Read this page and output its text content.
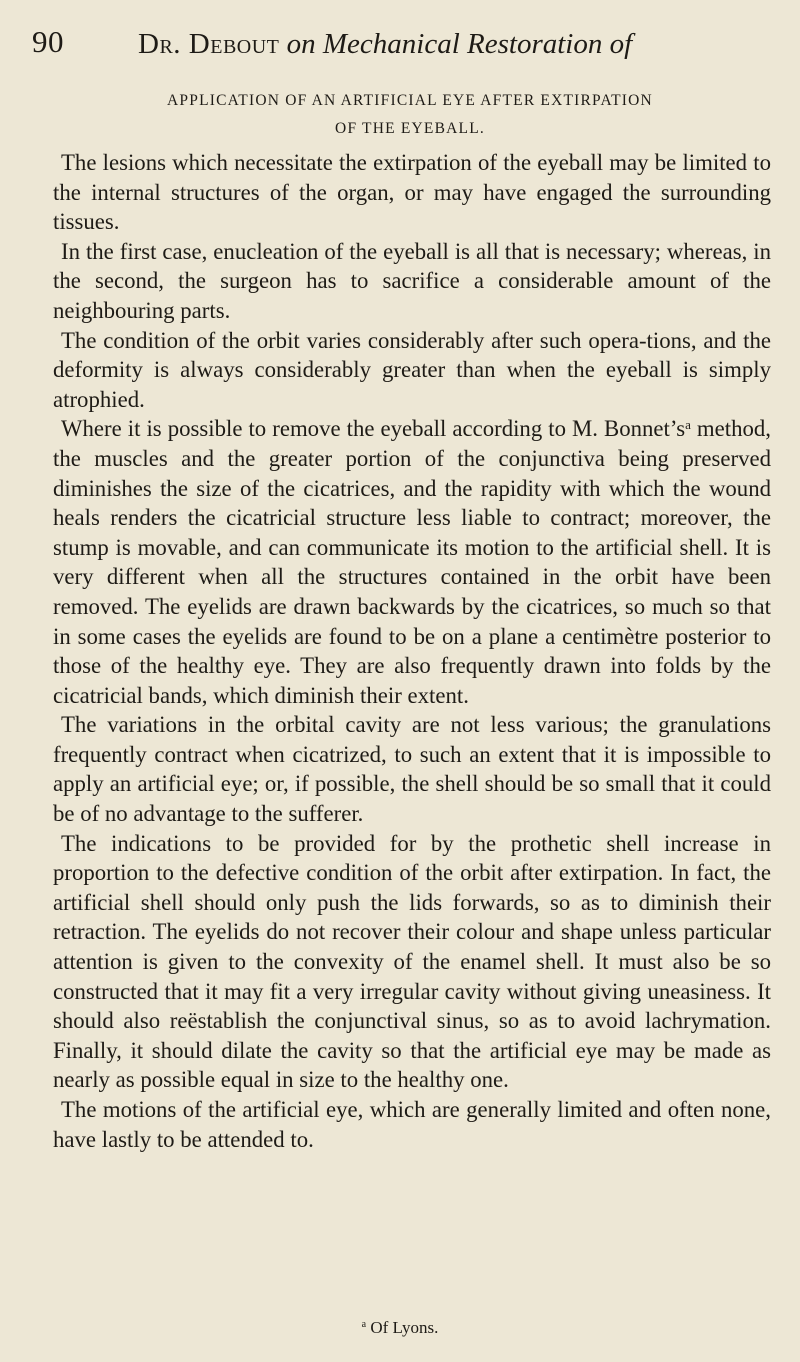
90	Dr. Debout on Mechanical Restoration of
APPLICATION OF AN ARTIFICIAL EYE AFTER EXTIRPATION
OF THE EYEBALL.

The lesions which necessitate the extirpation of the eyeball may be limited to the internal structures of the organ, or may have engaged the surrounding tissues.

In the first case, enucleation of the eyeball is all that is necessary; whereas, in the second, the surgeon has to sacrifice a considerable amount of the neighbouring parts.

The condition of the orbit varies considerably after such opera-tions, and the deformity is always considerably greater than when the eyeball is simply atrophied.

Where it is possible to remove the eyeball according to M. $Bonnet’s^a$ method, the muscles and the greater portion of the conjunctiva being preserved diminishes the size of the cicatrices, and the rapidity with which the wound heals renders the cicatricial structure less liable to contract; moreover, the stump is movable, and can communicate its motion to the artificial shell. It is very different when all the structures contained in the orbit have been removed. The eyelids are drawn backwards by the cicatrices, so much so that in some cases the eyelids are found to be on a plane a centimètre posterior to those of the healthy eye. They are also frequently drawn into folds by the cicatricial bands, which diminish their extent.

The variations in the orbital cavity are not less various; the granulations frequently contract when cicatrized, to such an extent that it is impossible to apply an artificial eye; or, if possible, the shell should be so small that it could be of no advantage to the sufferer.

The indications to be provided for by the prothetic shell increase in proportion to the defective condition of the orbit after extirpation. In fact, the artificial shell should only push the lids forwards, so as to diminish their retraction. The eyelids do not recover their colour and shape unless particular attention is given to the convexity of the enamel shell. It must also be so constructed that it may fit a very irregular cavity without giving uneasiness. It should also reëstablish the conjunctival sinus, so as to avoid lachrymation. Finally, it should dilate the cavity so that the artificial eye may be made as nearly as possible equal in size to the healthy one.

The motions of the artificial eye, which are generally limited and often none, have lastly to be attended to.

$^a$ Of Lyons.
